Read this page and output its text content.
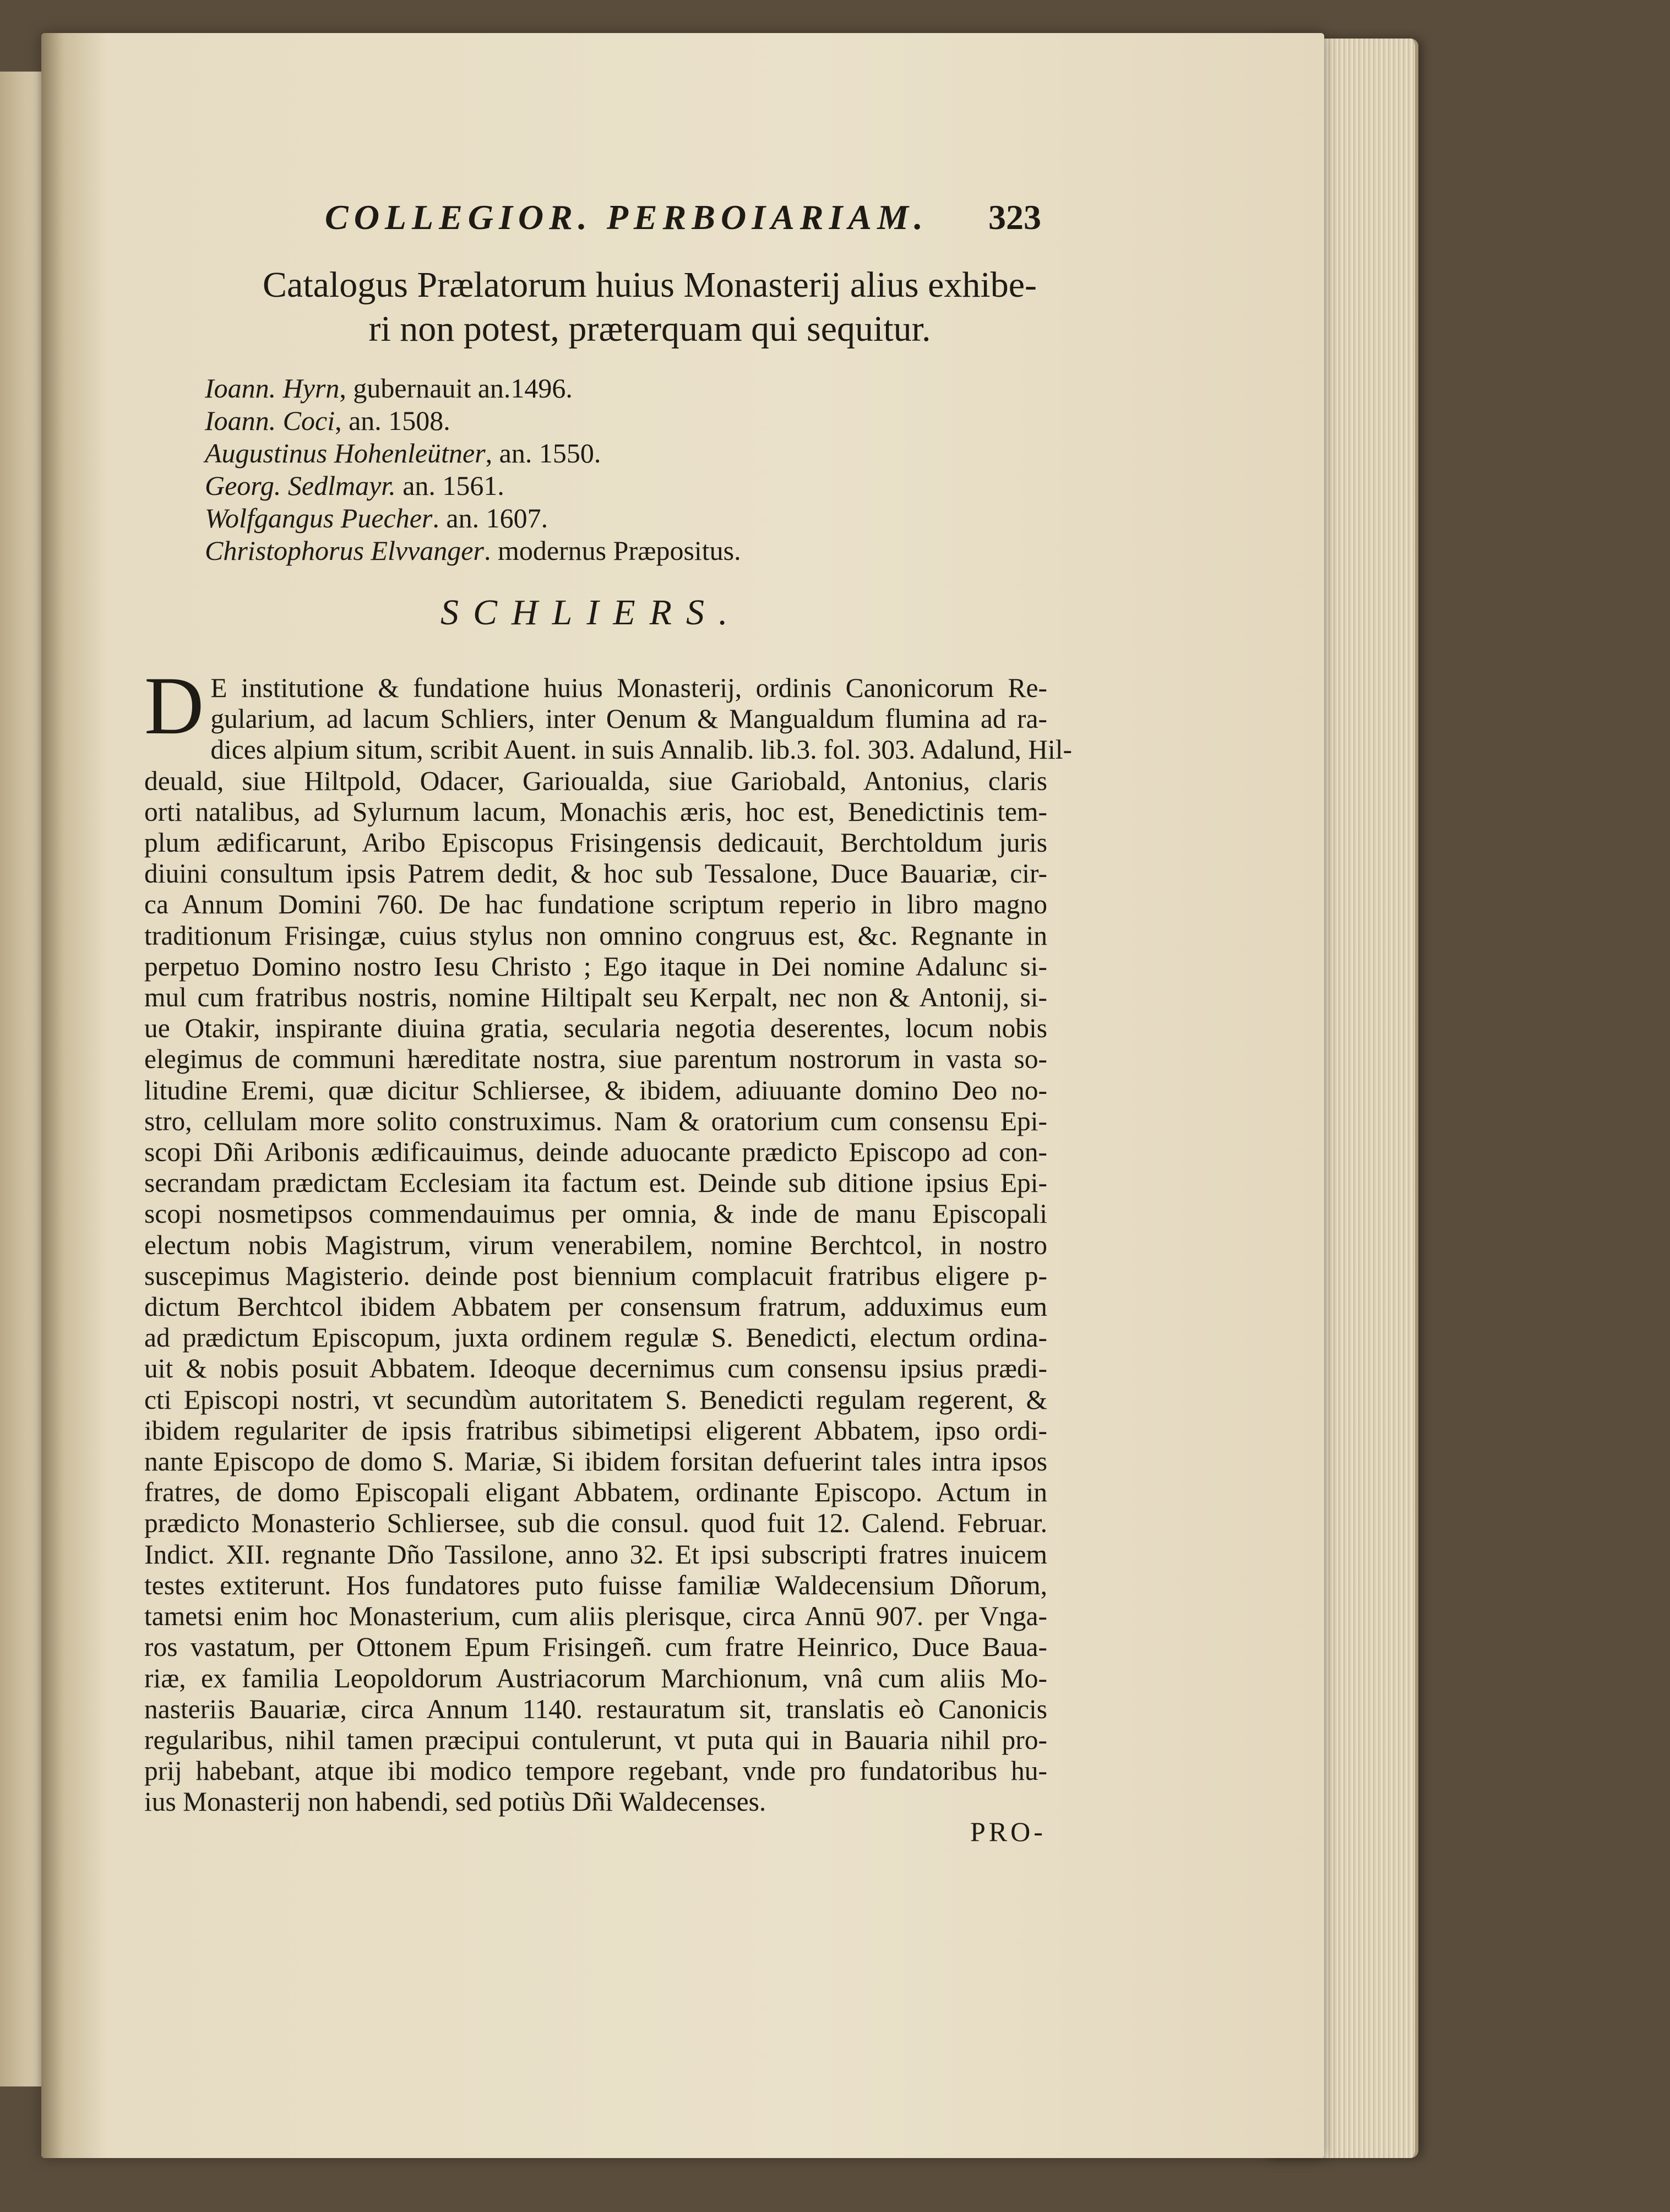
COLLEGIOR. PERBOIARIAM.	323
Catalogus Prælatorum huius Monasterij alius exhibe-
ri non potest, præterquam qui sequitur.
Ioann. Hyrn, gubernauit an.1496.
Ioann. Coci, an. 1508.
Augustinus Hohenleütner, an. 1550.
Georg. Sedlmayr. an. 1561.
Wolfgangus Puecher. an. 1607.
Christophorus Elvvanger. modernus Præpositus.
SCHLIERS.
D E institutione & fundatione huius Monasterij, ordinis Canonicorum Re-
gularium, ad lacum Schliers, inter Oenum & Mangualdum flumina ad ra-
dices alpium situm, scribit Auent. in suis Annalib. lib.3. fol. 303. Adalund, Hil-
deuald, siue Hiltpold, Odacer, Garioualda, siue Gariobald, Antonius, claris
orti natalibus, ad Sylurnum lacum, Monachis æris, hoc est, Benedictinis tem-
plum ædificarunt, Aribo Episcopus Frisingensis dedicauit, Berchtoldum juris
diuini consultum ipsis Patrem dedit, & hoc sub Tessalone, Duce Bauariæ, cir-
ca Annum Domini 760. De hac fundatione scriptum reperio in libro magno
traditionum Frisingæ, cuius stylus non omnino congruus est, &c. Regnante in
perpetuo Domino nostro Iesu Christo ; Ego itaque in Dei nomine Adalunc si-
mul cum fratribus nostris, nomine Hiltipalt seu Kerpalt, nec non & Antonij, si-
ue Otakir, inspirante diuina gratia, secularia negotia deserentes, locum nobis
elegimus de communi hæreditate nostra, siue parentum nostrorum in vasta so-
litudine Eremi, quæ dicitur Schliersee, & ibidem, adiuuante domino Deo no-
stro, cellulam more solito construximus. Nam & oratorium cum consensu Epi-
scopi Dñi Aribonis ædificauimus, deinde aduocante prædicto Episcopo ad con-
secrandam prædictam Ecclesiam ita factum est. Deinde sub ditione ipsius Epi-
scopi nosmetipsos commendauimus per omnia, & inde de manu Episcopali
electum nobis Magistrum, virum venerabilem, nomine Berchtcol, in nostro
suscepimus Magisterio. deinde post biennium complacuit fratribus eligere p-
dictum Berchtcol ibidem Abbatem per consensum fratrum, adduximus eum
ad prædictum Episcopum, juxta ordinem regulæ S. Benedicti, electum ordina-
uit & nobis posuit Abbatem. Ideoque decernimus cum consensu ipsius prædi-
cti Episcopi nostri, vt secundùm autoritatem S. Benedicti regulam regerent, &
ibidem regulariter de ipsis fratribus sibimetipsi eligerent Abbatem, ipso ordi-
nante Episcopo de domo S. Mariæ, Si ibidem forsitan defuerint tales intra ipsos
fratres, de domo Episcopali eligant Abbatem, ordinante Episcopo. Actum in
prædicto Monasterio Schliersee, sub die consul. quod fuit 12. Calend. Februar.
Indict. XII. regnante Dño Tassilone, anno 32. Et ipsi subscripti fratres inuicem
testes extiterunt. Hos fundatores puto fuisse familiæ Waldecensium Dñorum,
tametsi enim hoc Monasterium, cum aliis plerisque, circa Annū 907. per Vnga-
ros vastatum, per Ottonem Epum Frisingeñ. cum fratre Heinrico, Duce Baua-
riæ, ex familia Leopoldorum Austriacorum Marchionum, vnâ cum aliis Mo-
nasteriis Bauariæ, circa Annum 1140. restauratum sit, translatis eò Canonicis
regularibus, nihil tamen præcipui contulerunt, vt puta qui in Bauaria nihil pro-
prij habebant, atque ibi modico tempore regebant, vnde pro fundatoribus hu-
ius Monasterij non habendi, sed potiùs Dñi Waldecenses.
PRO-
